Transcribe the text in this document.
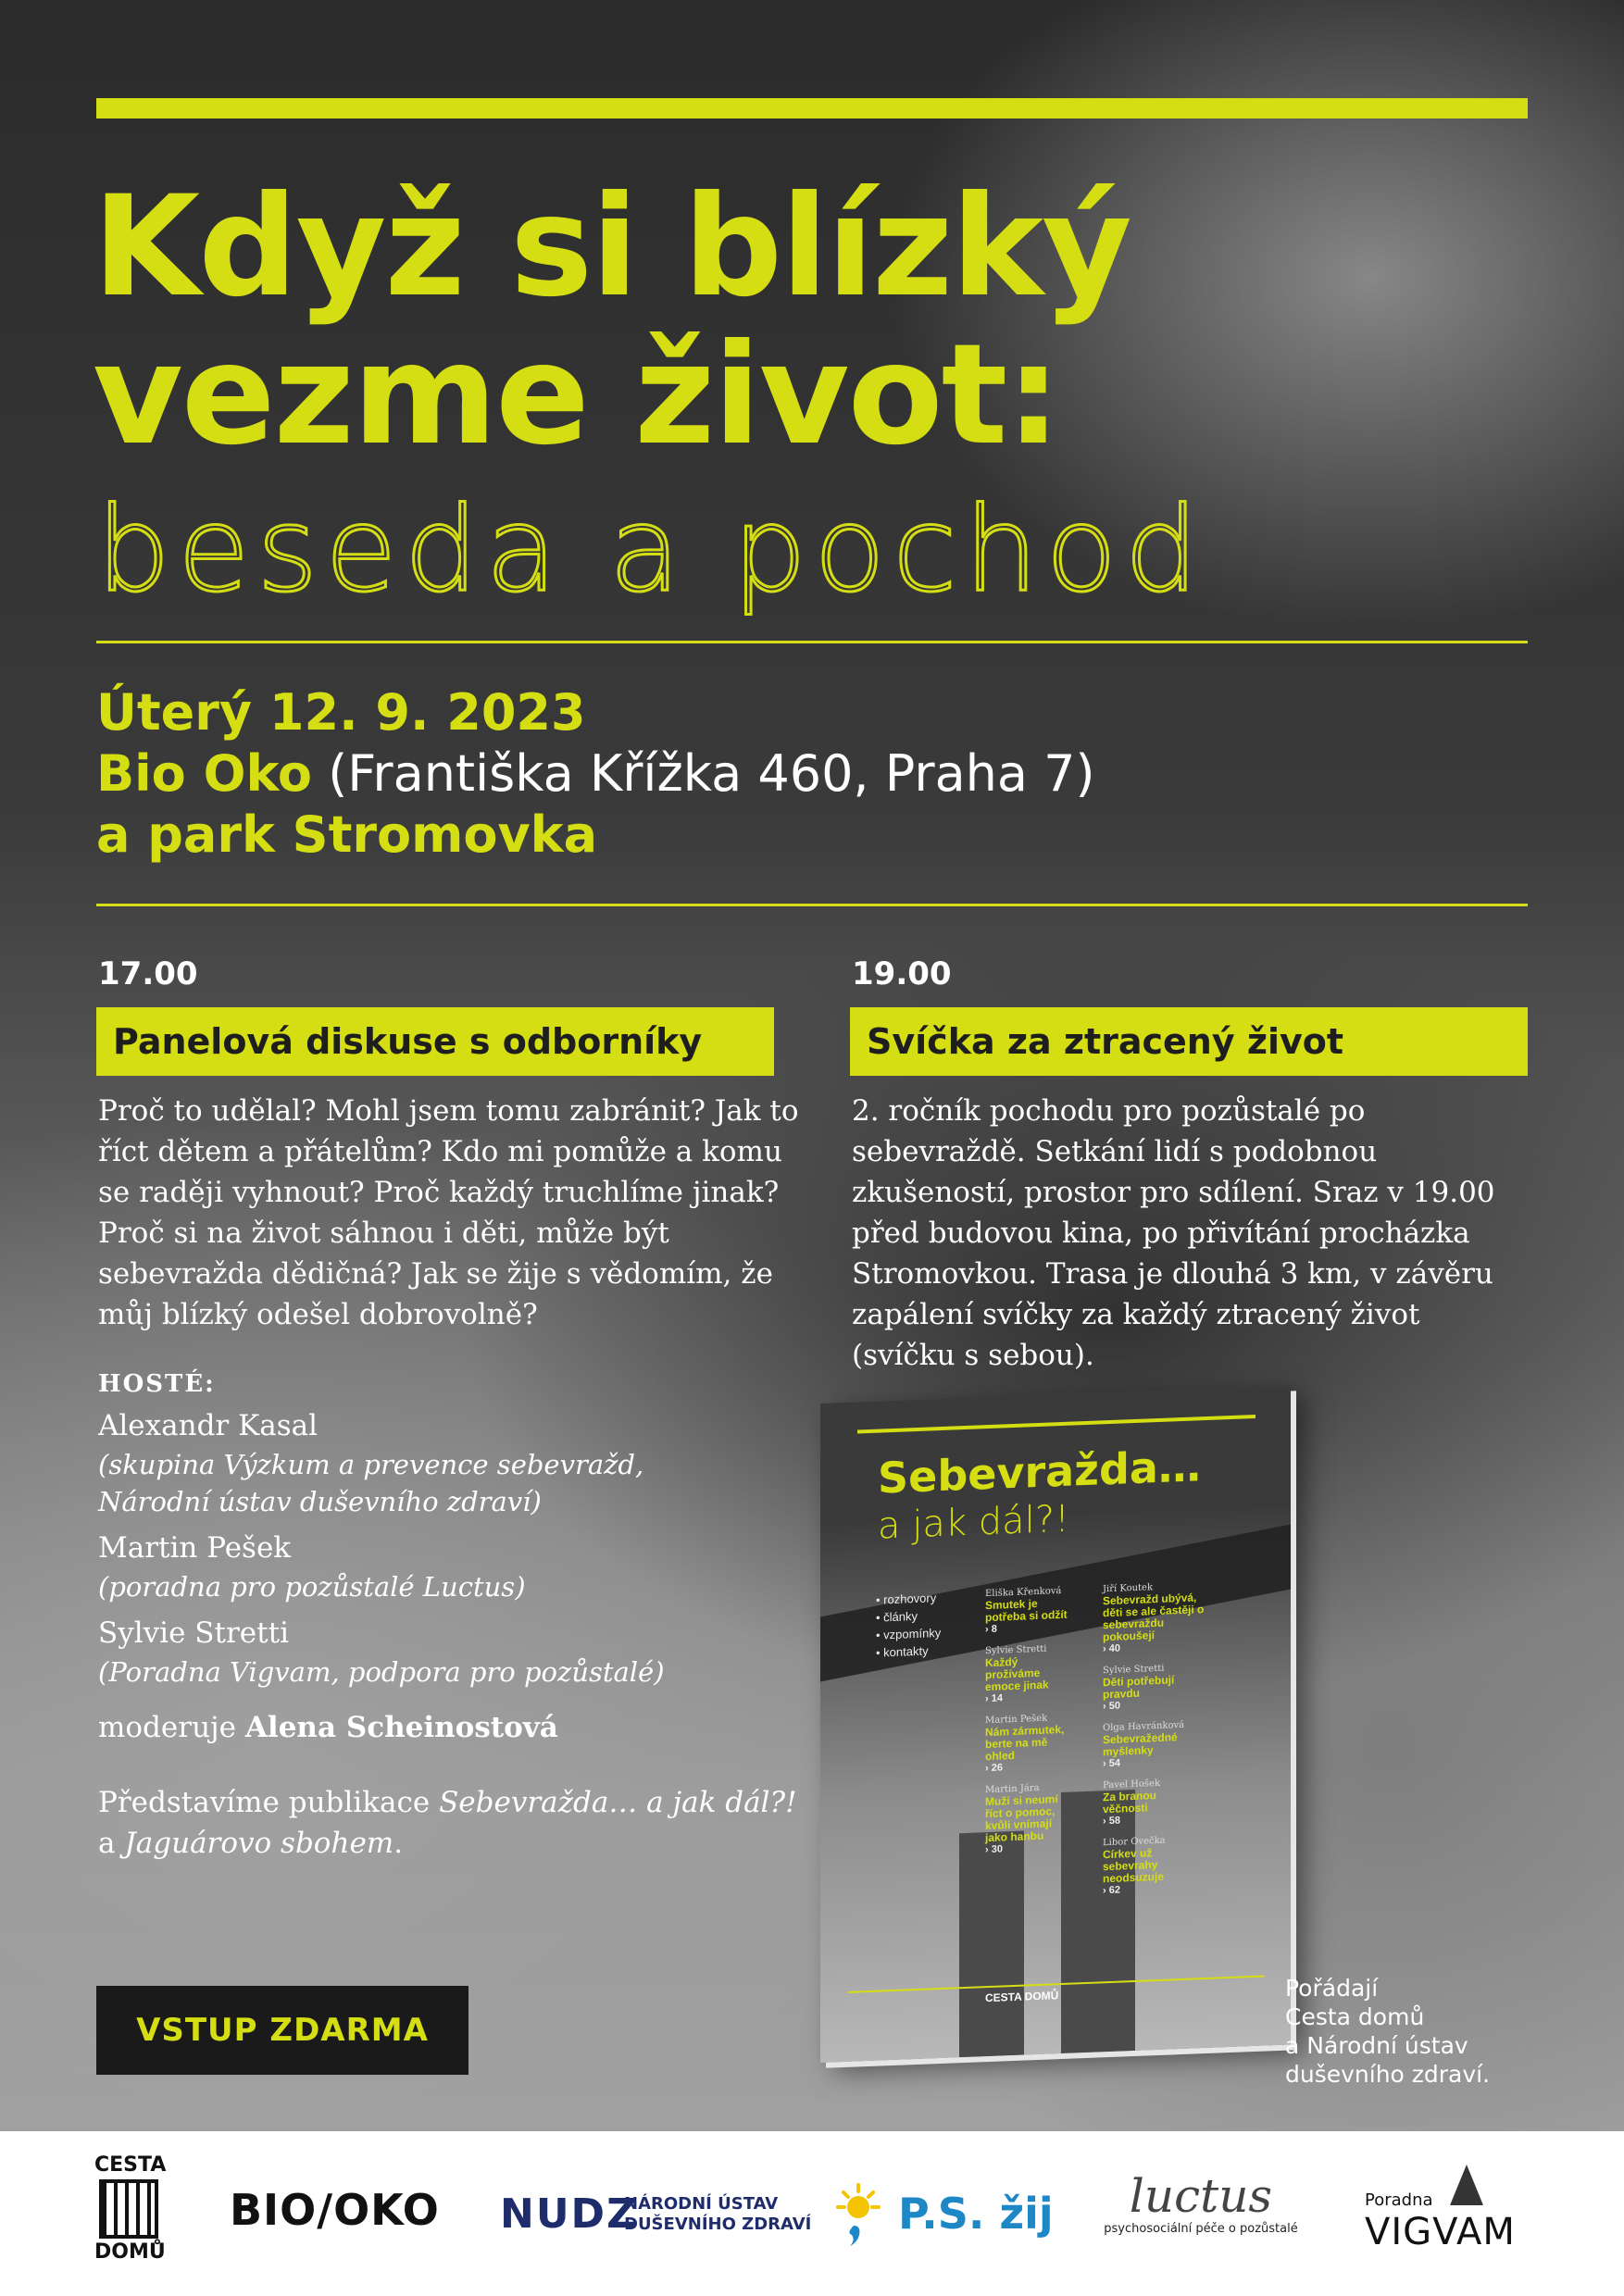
Když si blízký
vezme život:
beseda a pochod
Úterý 12. 9. 2023
Bio Oko (Františka Křížka 460, Praha 7)
a park Stromovka
17.00
Panelová diskuse s odborníky
Proč to udělal? Mohl jsem tomu zabránit? Jak to říct dětem a přátelům? Kdo mi pomůže a komu se raději vyhnout? Proč každý truchlíme jinak? Proč si na život sáhnou i děti, může být sebevražda dědičná? Jak se žije s vědomím, že můj blízký odešel dobrovolně?
HOSTÉ:
Alexandr Kasal
(skupina Výzkum a prevence sebevražd, Národní ústav duševního zdraví)
Martin Pešek
(poradna pro pozůstalé Luctus)
Sylvie Stretti
(Poradna Vigvam, podpora pro pozůstalé)
moderuje Alena Scheinostová
Představíme publikace Sebevražda… a jak dál?!
a Jaguárovo sbohem.
19.00
Svíčka za ztracený život
2. ročník pochodu pro pozůstalé po sebevraždě. Setkání lidí s podobnou zkušeností, prostor pro sdílení. Sraz v 19.00 před budovou kina, po přivítání procházka Stromovkou. Trasa je dlouhá 3 km, v závěru zapálení svíčky za každý ztracený život (svíčku s sebou).
Sebevražda…
a jak dál?!
• rozhovory
• články
• vzpomínky
• kontakty
Eliška Křenková
Smutek je potřeba si odžít
› 8
Sylvie Stretti
Každý prožíváme emoce jinak
› 14
Martin Pešek
Nám zármutek, berte na mě ohled
› 26
Martin Jára
Muži si neumí říct o pomoc, kvůli vnímají jako hanbu
› 30
Jiří Koutek
Sebevražd ubývá, děti se ale častěji o sebevraždu pokoušejí
› 40
Sylvie Stretti
Děti potřebují pravdu
› 50
Olga Havránková
Sebevražedné myšlenky
› 54
Pavel Hošek
Za branou věčnosti
› 58
Libor Ovečka
Církev už sebevrahy neodsuzuje
› 62
CESTA DOMŮ
VSTUP ZDARMA
Pořádají
Cesta domů
a Národní ústav
duševního zdraví.
CESTA
DOMŮ
BIO/OKO NUDZ
NÁRODNÍ ÚSTAV
DUŠEVNÍHO ZDRAVÍ P.S. žij	luctus
psychosociální péče o pozůstalé
Poradna
VIGVAM
